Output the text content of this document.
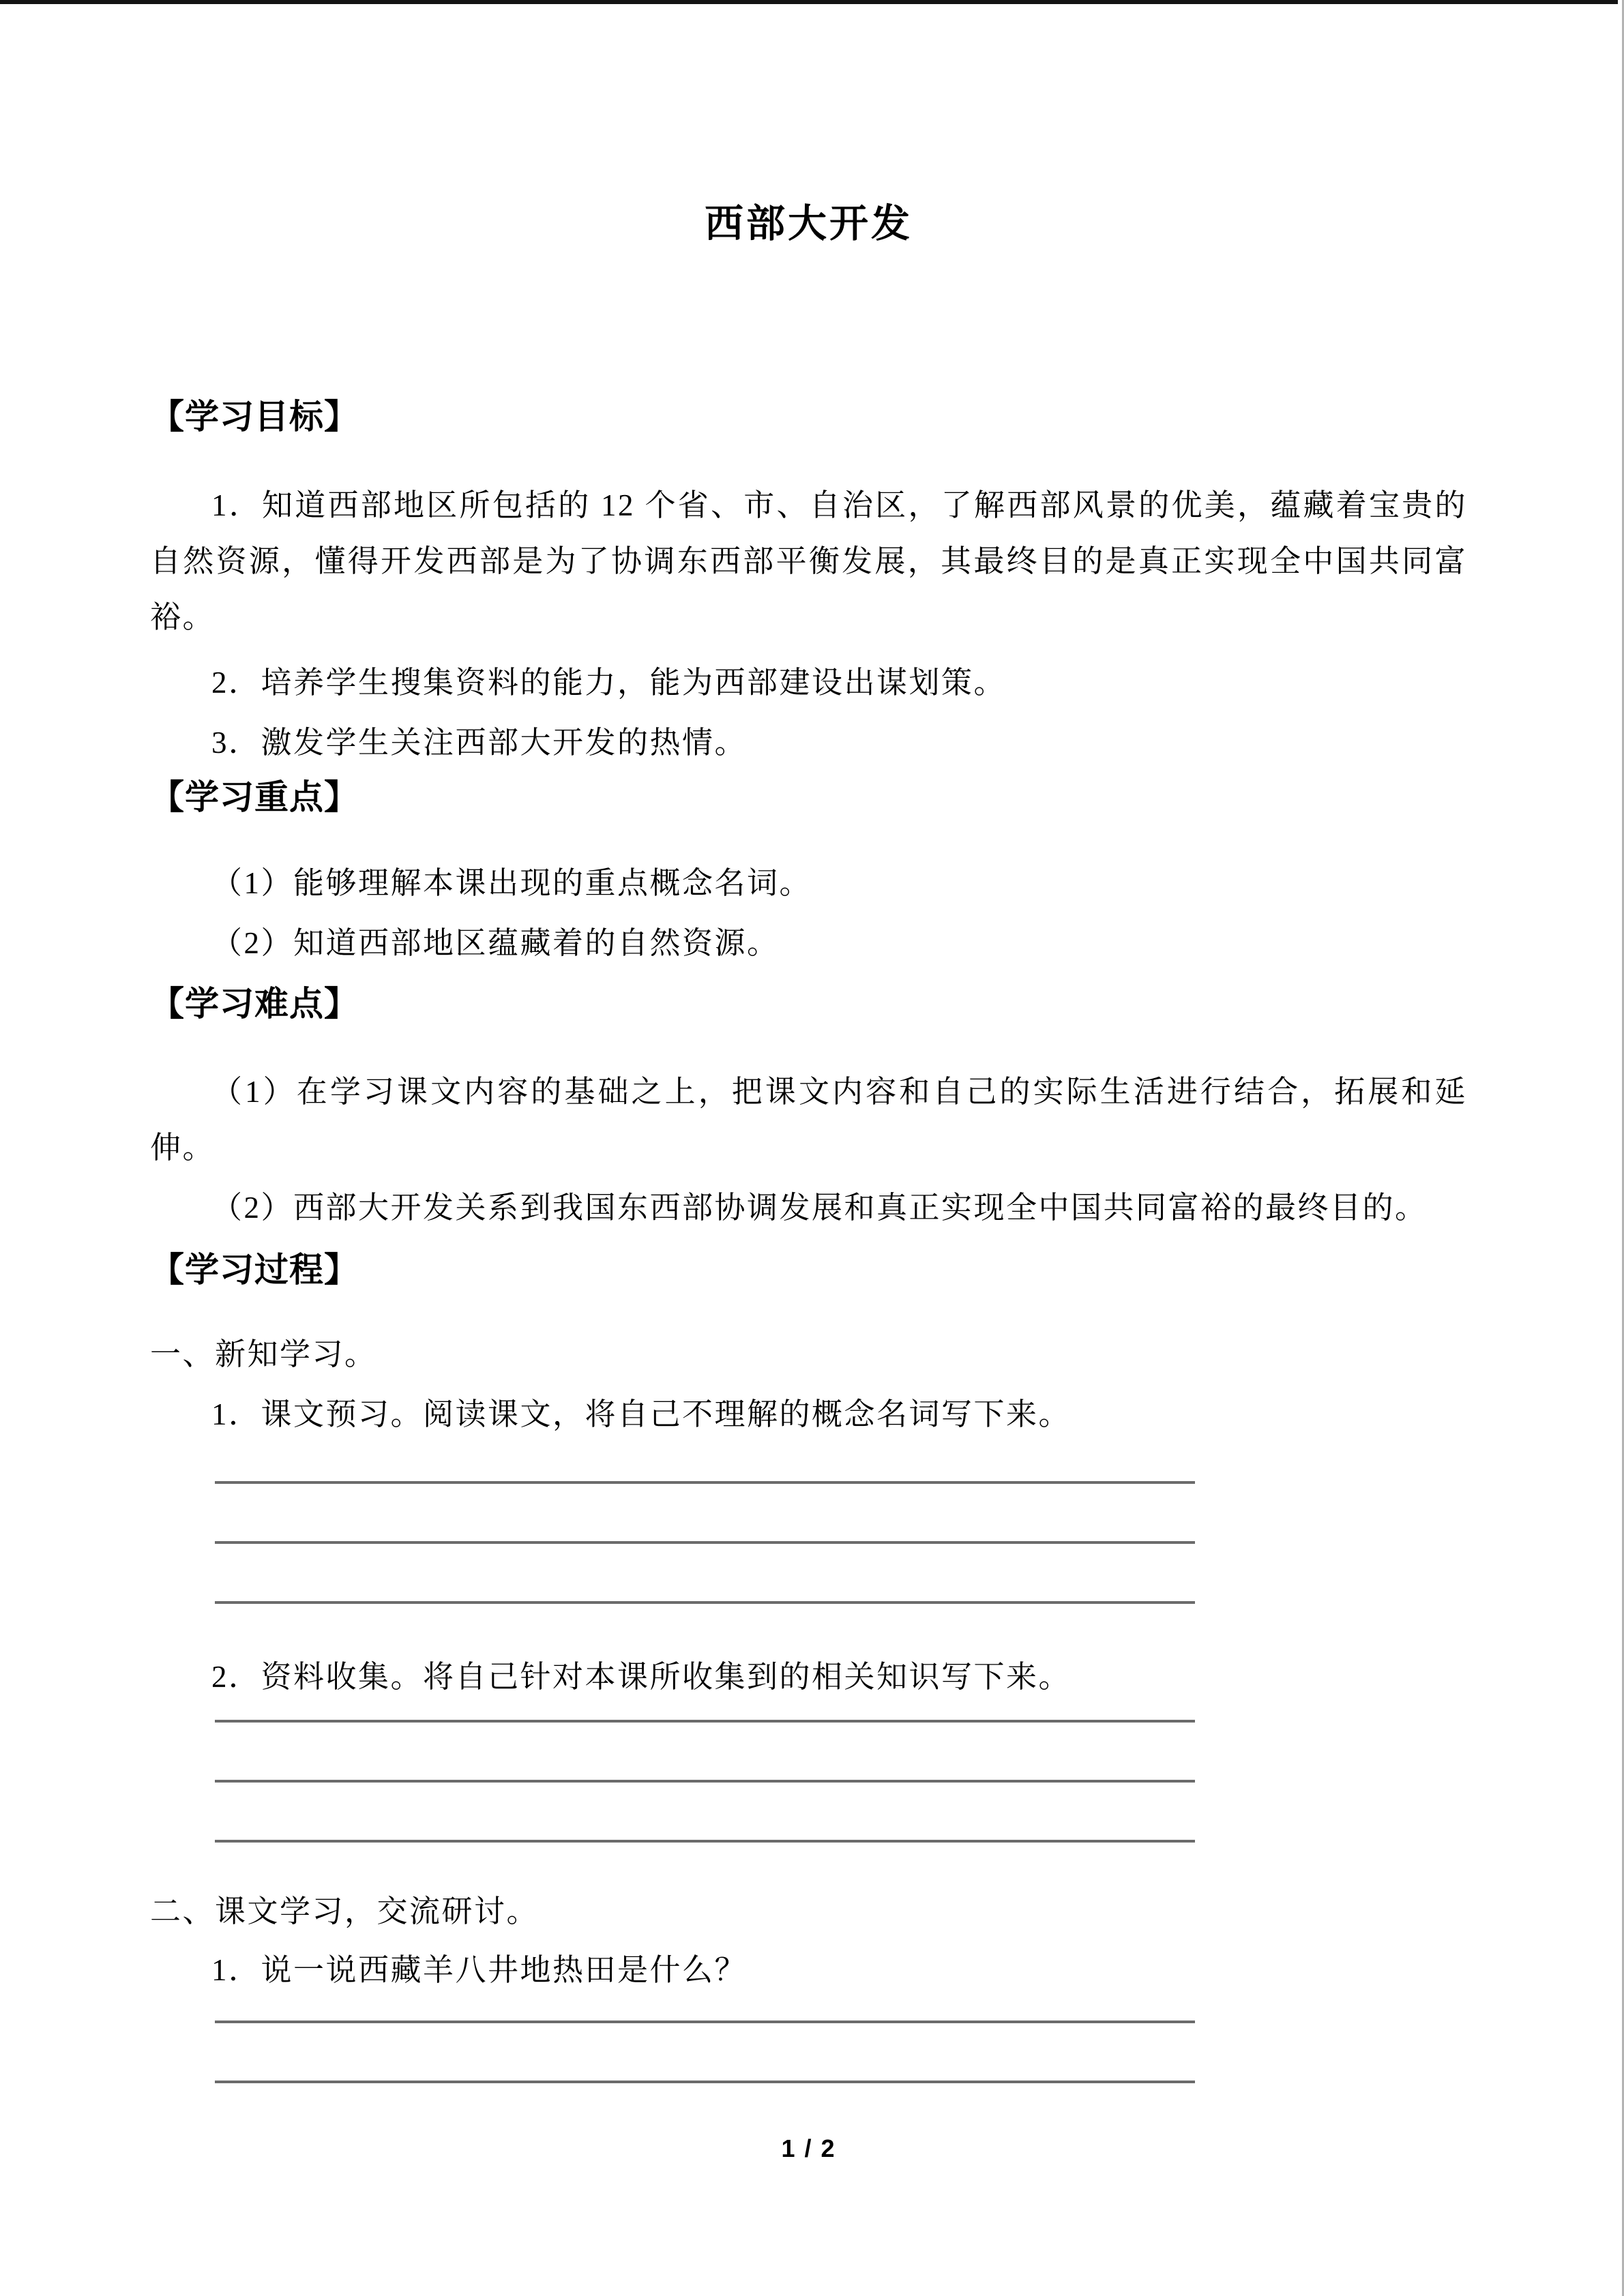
西部大开发
【学习目标】

1．知道西部地区所包括的 12 个省、市、自治区，了解西部风景的优美，蕴藏着宝贵的自然资源，懂得开发西部是为了协调东西部平衡发展，其最终目的是真正实现全中国共同富裕。

2．培养学生搜集资料的能力，能为西部建设出谋划策。

3．激发学生关注西部大开发的热情。

【学习重点】

（1）能够理解本课出现的重点概念名词。

（2）知道西部地区蕴藏着的自然资源。

【学习难点】

（1）在学习课文内容的基础之上，把课文内容和自己的实际生活进行结合，拓展和延伸。

（2）西部大开发关系到我国东西部协调发展和真正实现全中国共同富裕的最终目的。

【学习过程】

一、新知学习。

1．课文预习。阅读课文，将自己不理解的概念名词写下来。

2．资料收集。将自己针对本课所收集到的相关知识写下来。

二、课文学习，交流研讨。

1．说一说西藏羊八井地热田是什么？

1 / 2
